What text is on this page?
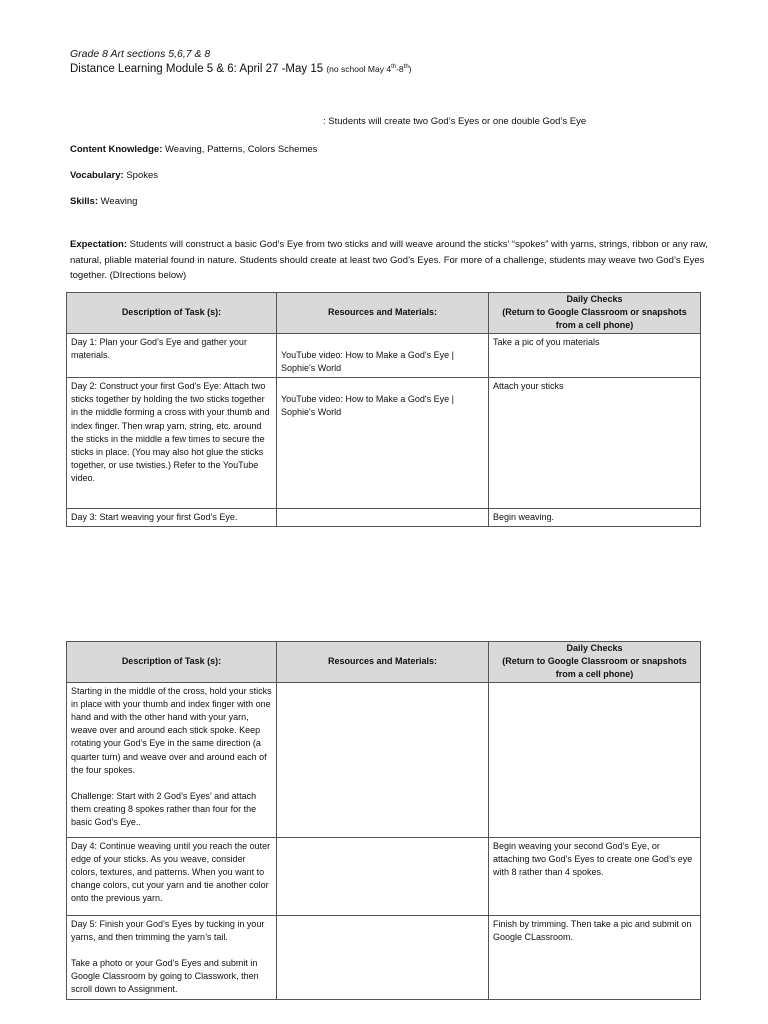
Grade 8 Art sections 5,6,7 & 8
Distance Learning Module 5 & 6: April 27 -May 15 (no school May 4th-8th)
: Students will create two God’s Eyes or one double God’s Eye
Content Knowledge: Weaving, Patterns, Colors Schemes
Vocabulary: Spokes
Skills: Weaving
Expectation: Students will construct a basic God’s Eye from two sticks and will weave around the sticks’ “spokes” with yarns, strings, ribbon or any raw, natural, pliable material found in nature. Students should create at least two God’s Eyes. For more of a challenge, students may weave two God’s Eyes together. (DIrections below)
Description of Task (s):	Resources and Materials:	Daily Checks
(Return to Google Classroom or snapshots from a cell phone)

Day 1: Plan your God’s Eye and gather your materials.	YouTube video: How to Make a God's Eye | Sophie's World	Take a pic of you materials
Day 2: Construct your first God’s Eye: Attach two sticks together by holding the two sticks together in the middle forming a cross with your thumb and index finger. Then wrap yarn, string, etc. around the sticks in the middle a few times to secure the sticks in place. (You may also hot glue the sticks together, or use twisties.) Refer to the YouTube video.	YouTube video: How to Make a God's Eye | Sophie's World	Attach your sticks
Day 3: Start weaving your first God’s Eye.		Begin weaving.
Description of Task (s):	Resources and Materials:	Daily Checks
(Return to Google Classroom or snapshots from a cell phone)

Starting in the middle of the cross, hold your sticks in place with your thumb and index finger with one hand and with the other hand with your yarn, weave over and around each stick spoke. Keep rotating your God’s Eye in the same direction (a quarter turn) and weave over and around each of the four spokes.

Challenge: Start with 2 God’s Eyes’ and attach them creating 8 spokes rather than four for the basic God’s Eye..		

Day 4: Continue weaving until you reach the outer edge of your sticks. As you weave, consider colors, textures, and patterns. When you want to change colors, cut your yarn and tie another color onto the previous yarn.		Begin weaving your second God’s Eye, or attaching two God’s Eyes to create one God’s eye with 8 rather than 4 spokes.

Day 5: Finish your God’s Eyes by tucking in your yarns, and then trimming the yarn’s tail.

Take a photo or your God’s Eyes and submit in Google Classroom by going to Classwork, then scroll down to Assignment.		Finish by trimming. Then take a pic and submit on Google CLassroom.
